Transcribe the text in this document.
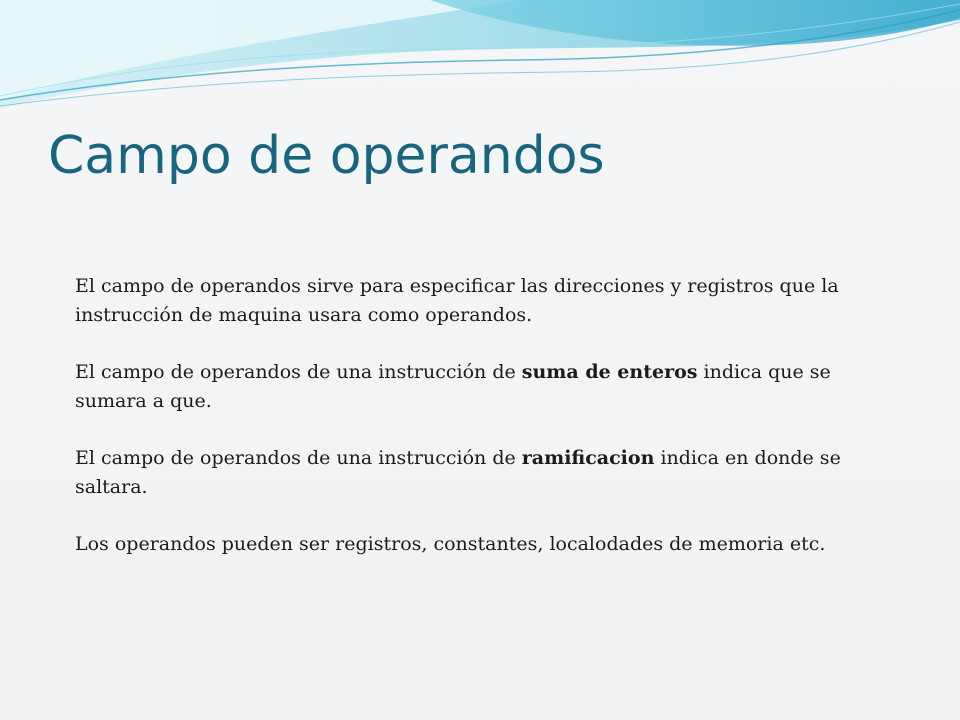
Campo de operandos

El campo de operandos sirve para especificar las direcciones y registros que la instrucción de maquina usara como operandos.

El campo de operandos de una instrucción de suma de enteros indica que se sumara a que.

El campo de operandos de una instrucción de ramificacion indica en donde se saltara.

Los operandos pueden ser registros, constantes, localodades de memoria etc.
